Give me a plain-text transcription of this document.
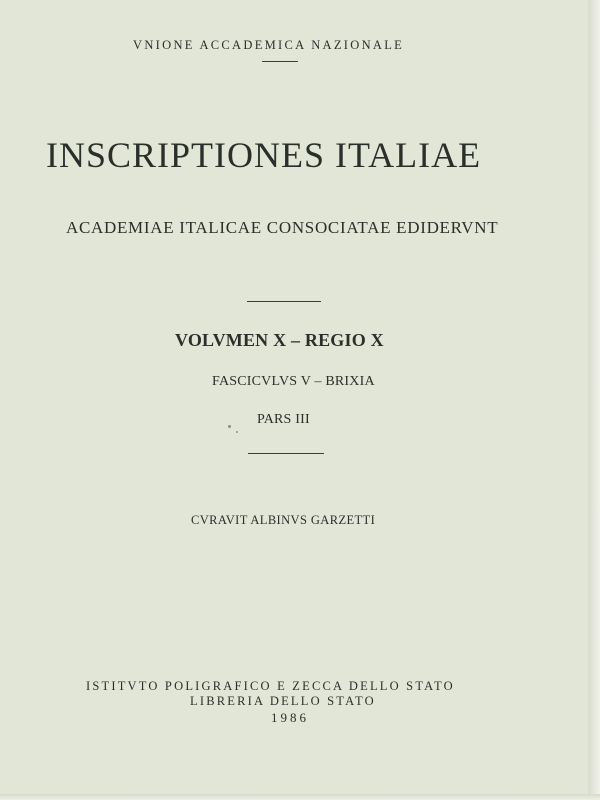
VNIONE ACCADEMICA NAZIONALE
INSCRIPTIONES ITALIAE
ACADEMIAE ITALICAE CONSOCIATAE EDIDERVNT
VOLVMEN X – REGIO X
FASCICVLVS V – BRIXIA
PARS III
CVRAVIT ALBINVS GARZETTI
ISTITVTO POLIGRAFICO E ZECCA DELLO STATO
LIBRERIA DELLO STATO
1986
